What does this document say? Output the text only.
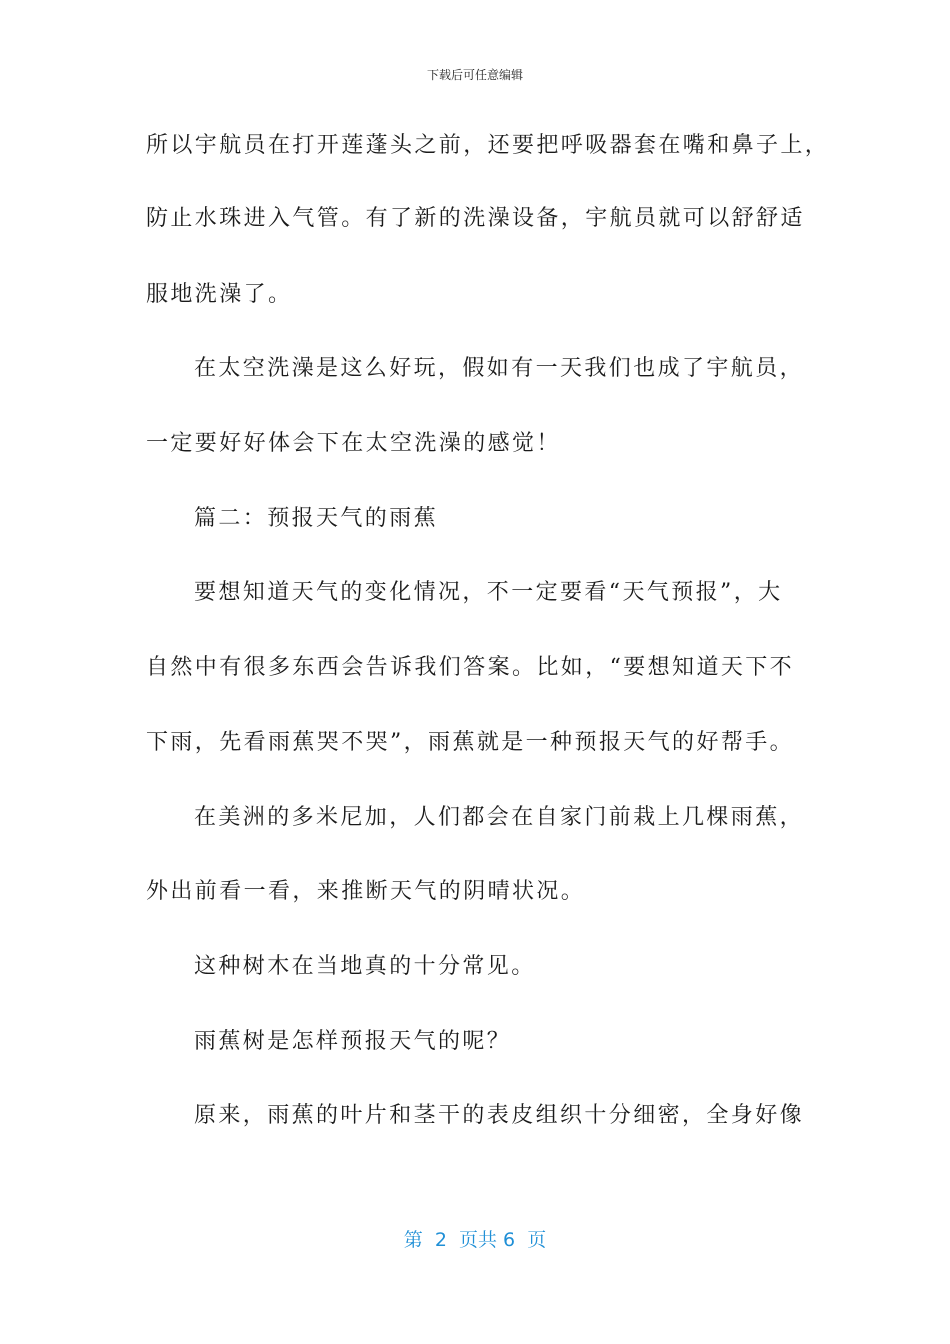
下载后可任意编辑
所以宇航员在打开莲蓬头之前，还要把呼吸器套在嘴和鼻子上，
防止水珠进入气管。有了新的洗澡设备，宇航员就可以舒舒适
服地洗澡了。
在太空洗澡是这么好玩，假如有一天我们也成了宇航员，
一定要好好体会下在太空洗澡的感觉！
篇二：预报天气的雨蕉
要想知道天气的变化情况，不一定要看“天气预报”，大
自然中有很多东西会告诉我们答案。比如，“要想知道天下不
下雨，先看雨蕉哭不哭”，雨蕉就是一种预报天气的好帮手。
在美洲的多米尼加，人们都会在自家门前栽上几棵雨蕉，
外出前看一看，来推断天气的阴晴状况。
这种树木在当地真的十分常见。
雨蕉树是怎样预报天气的呢？
原来，雨蕉的叶片和茎干的表皮组织十分细密，全身好像
第  2  页共 6  页
